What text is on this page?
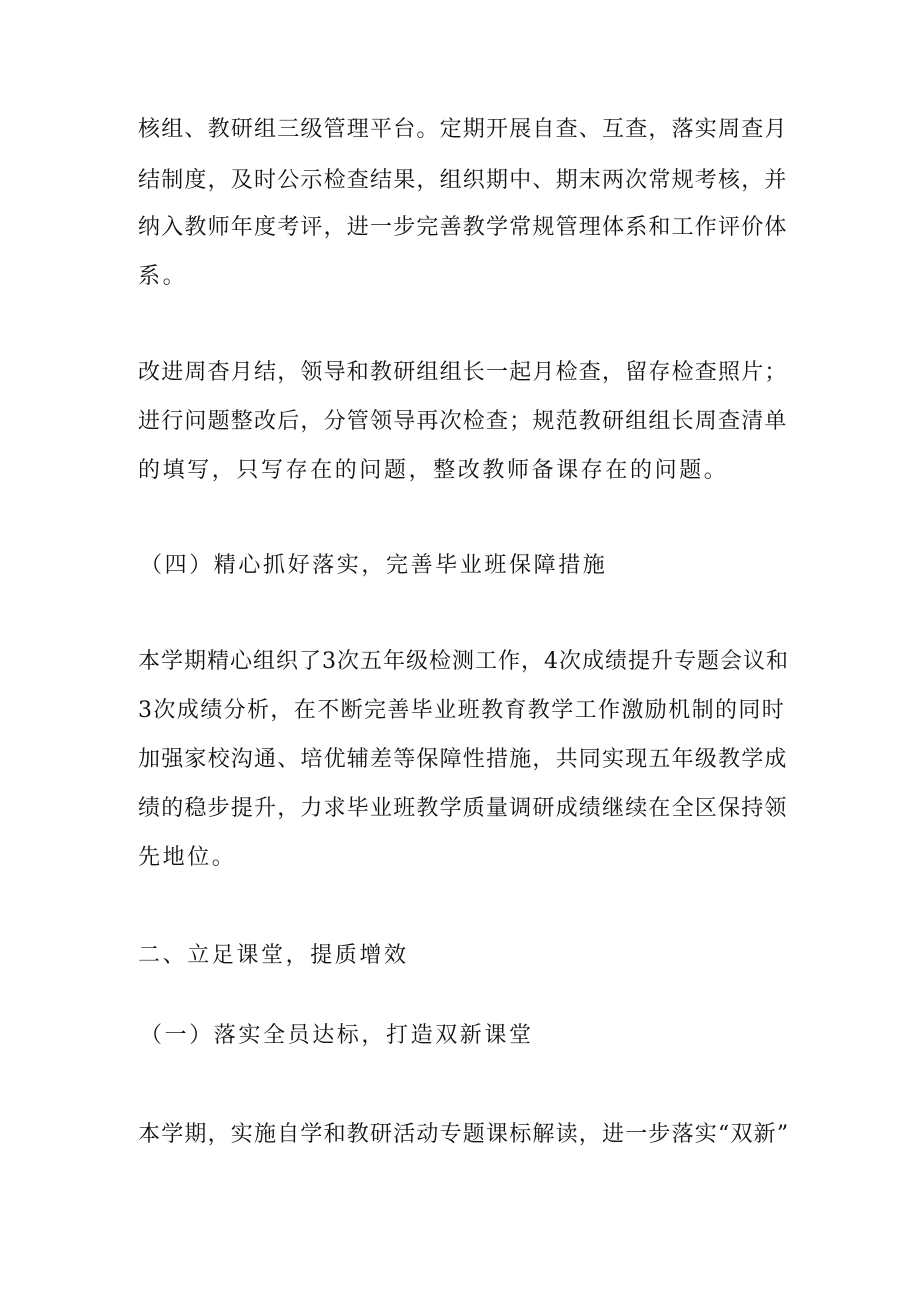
核组、教研组三级管理平台。定期开展自查、互查，落实周查月
结制度，及时公示检查结果，组织期中、期末两次常规考核，并
纳入教师年度考评，进一步完善教学常规管理体系和工作评价体
系。
改进周杳月结，领导和教研组组长一起月检查，留存检查照片；
进行问题整改后，分管领导再次检查；规范教研组组长周查清单
的填写，只写存在的问题，整改教师备课存在的问题。
（四）精心抓好落实，完善毕业班保障措施
本学期精心组织了3次五年级检测工作，4次成绩提升专题会议和
3次成绩分析，在不断完善毕业班教育教学工作激励机制的同时
加强家校沟通、培优辅差等保障性措施，共同实现五年级教学成
绩的稳步提升，力求毕业班教学质量调研成绩继续在全区保持领
先地位。
二、立足课堂，提质增效
（一）落实全员达标，打造双新课堂
本学期，实施自学和教研活动专题课标解读，进一步落实“双新”
